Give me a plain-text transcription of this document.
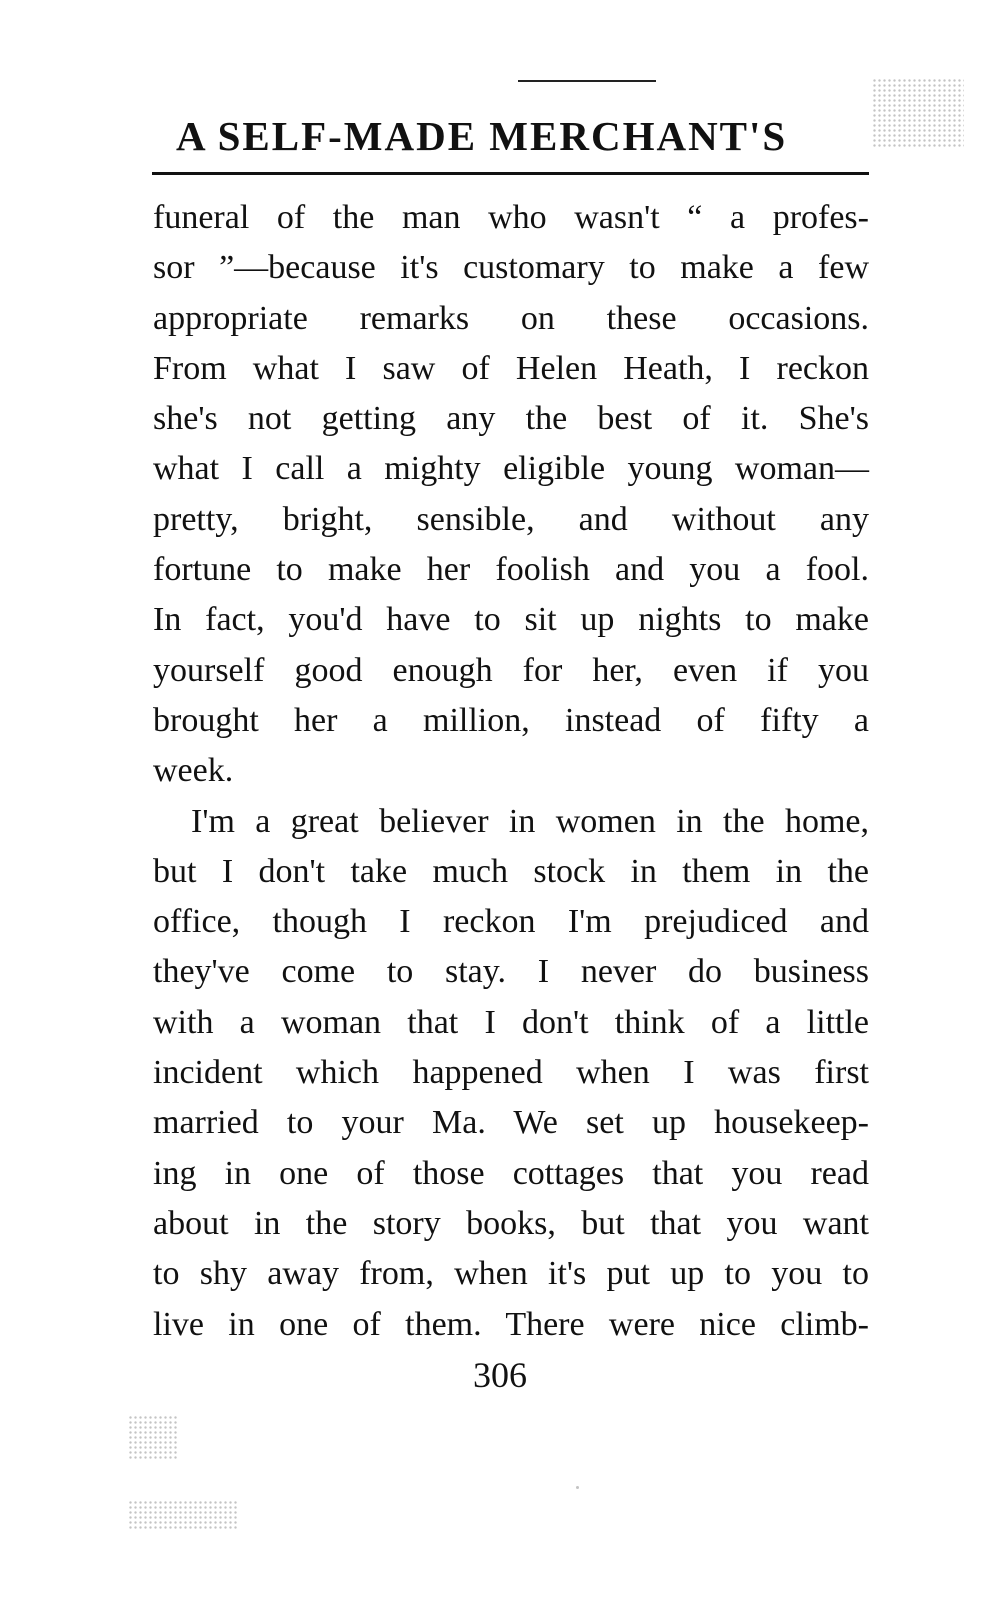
A SELF-MADE MERCHANT'S
funeral of the man who wasn't “ a profes-
sor ”—because it's customary to make a few
appropriate remarks on these occasions.
From what I saw of Helen Heath, I reckon
she's not getting any the best of it. She's
what I call a mighty eligible young woman—
pretty, bright, sensible, and without any
fortune to make her foolish and you a fool.
In fact, you'd have to sit up nights to make
yourself good enough for her, even if you
brought her a million, instead of fifty a
week.
I'm a great believer in women in the home,
but I don't take much stock in them in the
office, though I reckon I'm prejudiced and
they've come to stay. I never do business
with a woman that I don't think of a little
incident which happened when I was first
married to your Ma. We set up housekeep-
ing in one of those cottages that you read
about in the story books, but that you want
to shy away from, when it's put up to you to
live in one of them. There were nice climb-
306
